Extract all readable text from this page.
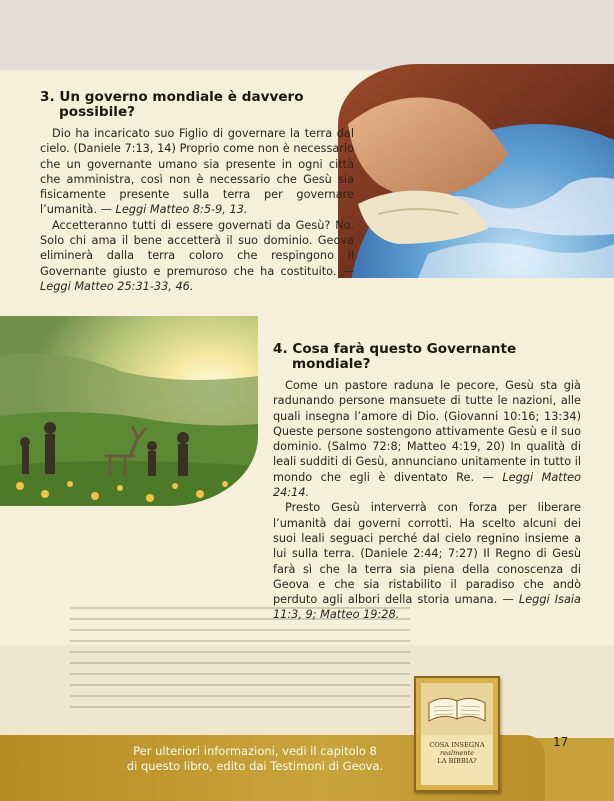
3. Un governo mondiale è davvero
possibile?

Dio ha incaricato suo Figlio di governare la terra dal cielo. (Daniele 7:13, 14) Proprio come non è necessario che un governante umano sia presente in ogni città che amministra, così non è necessario che Gesù sia fisicamente presente sulla terra per governare l’umanità. — Leggi Matteo 8:5-9, 13.

Accetteranno tutti di essere governati da Gesù? No. Solo chi ama il bene accetterà il suo dominio. Geova eliminerà dalla terra coloro che respingono il Governante giusto e premuroso che ha costituito. — Leggi Matteo 25:31-33, 46.

4. Cosa farà questo Governante
mondiale?

Come un pastore raduna le pecore, Gesù sta già radunando persone mansuete di tutte le nazioni, alle quali insegna l’amore di Dio. (Giovanni 10:16; 13:34) Queste persone sostengono attivamente Gesù e il suo dominio. (Salmo 72:8; Matteo 4:19, 20) In qualità di leali sudditi di Gesù, annunciano unitamente in tutto il mondo che egli è diventato Re. — Leggi Matteo 24:14.

Presto Gesù interverrà con forza per liberare l’umanità dai governi corrotti. Ha scelto alcuni dei suoi leali seguaci perché dal cielo regnino insieme a lui sulla terra. (Daniele 2:44; 7:27) Il Regno di Gesù farà sì che la terra sia piena della conoscenza di Geova e che sia ristabilito il paradiso che andò perduto agli albori della storia umana. — Leggi Isaia 11:3, 9; Matteo 19:28.

Per ulteriori informazioni, vedi il capitolo 8
di questo libro, edito dai Testimoni di Geova.
17
COSA INSEGNA
realmente
LA BIBBIA?
